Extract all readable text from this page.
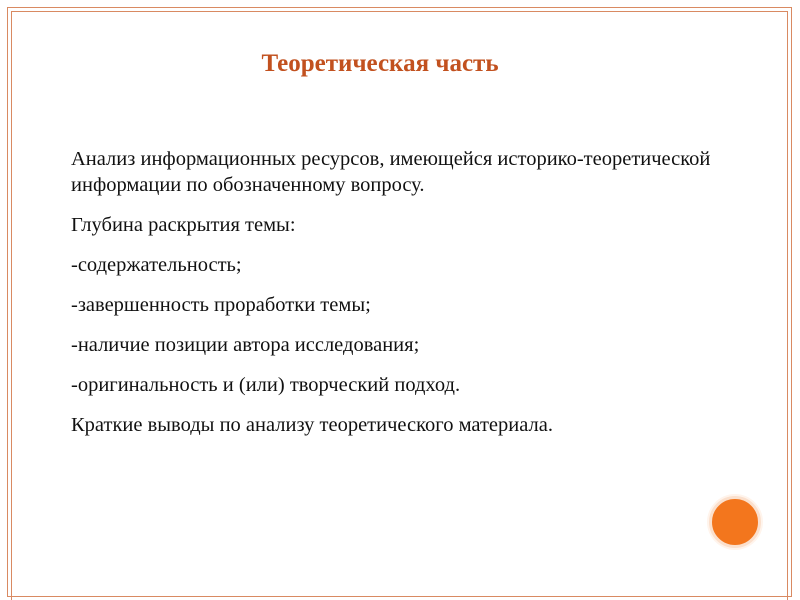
Теоретическая часть
Анализ информационных ресурсов, имеющейся историко-теоретической информации по обозначенному вопросу.
Глубина раскрытия темы:
-содержательность;
-завершенность проработки темы;
-наличие позиции автора исследования;
-оригинальность и (или) творческий подход.
Краткие выводы по анализу теоретического материала.
